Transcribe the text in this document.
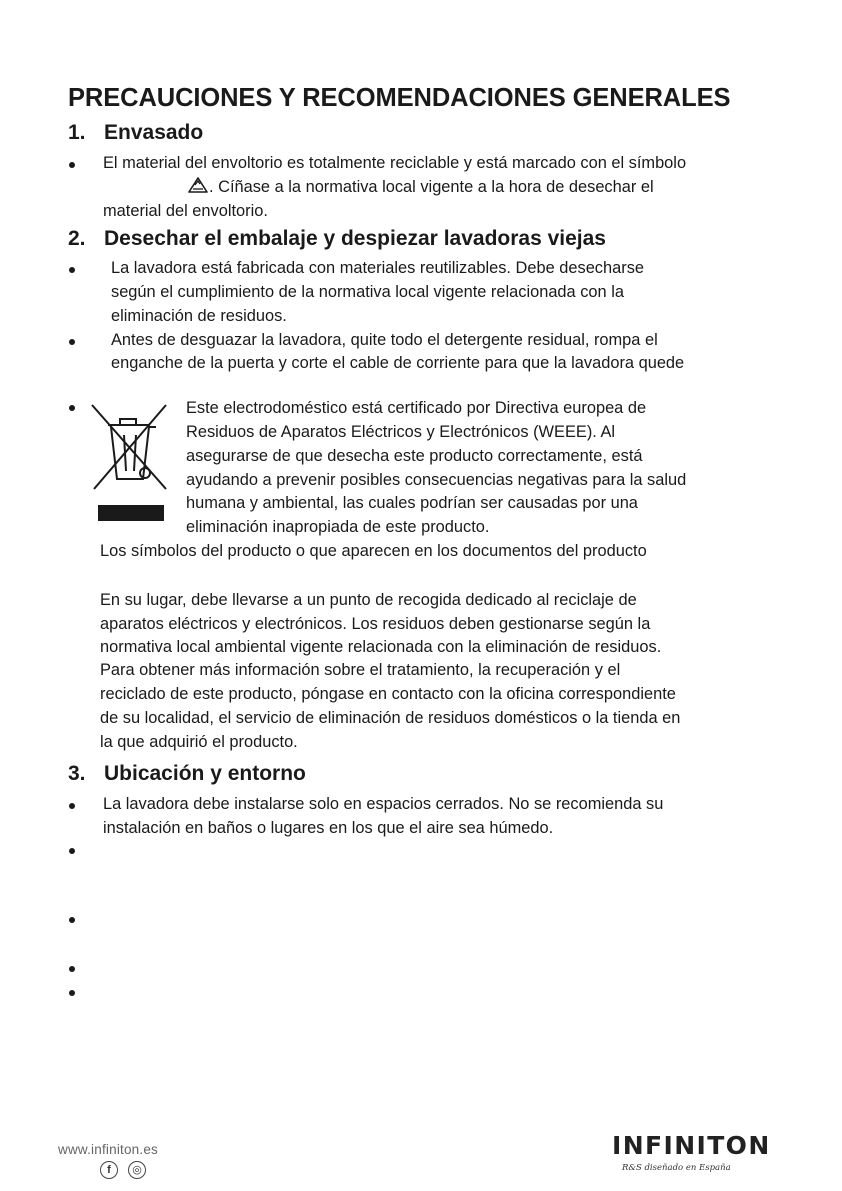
PRECAUCIONES Y RECOMENDACIONES GENERALES
1. Envasado
El material del envoltorio es totalmente reciclable y está marcado con el símbolo
. Cíñase a la normativa local vigente a la hora de desechar el
material del envoltorio.
2. Desechar el embalaje y despiezar lavadoras viejas
La lavadora está fabricada con materiales reutilizables. Debe desecharse
según el cumplimiento de la normativa local vigente relacionada con la
eliminación de residuos.
Antes de desguazar la lavadora, quite todo el detergente residual, rompa el
enganche de la puerta y corte el cable de corriente para que la lavadora quede
Este electrodoméstico está certificado por Directiva europea de
Residuos de Aparatos Eléctricos y Electrónicos (WEEE). Al
asegurarse de que desecha este producto correctamente, está
ayudando a prevenir posibles consecuencias negativas para la salud
humana y ambiental, las cuales podrían ser causadas por una
eliminación inapropiada de este producto.
Los símbolos del producto o que aparecen en los documentos del producto
En su lugar, debe llevarse a un punto de recogida dedicado al reciclaje de
aparatos eléctricos y electrónicos. Los residuos deben gestionarse según la
normativa local ambiental vigente relacionada con la eliminación de residuos.
Para obtener más información sobre el tratamiento, la recuperación y el
reciclado de este producto, póngase en contacto con la oficina correspondiente
de su localidad, el servicio de eliminación de residuos domésticos o la tienda en
la que adquirió el producto.
3. Ubicación y entorno
La lavadora debe instalarse solo en espacios cerrados. No se recomienda su
instalación en baños o lugares en los que el aire sea húmedo.
www.infiniton.es
f	◎
INFINITON
R&S diseñado en España
